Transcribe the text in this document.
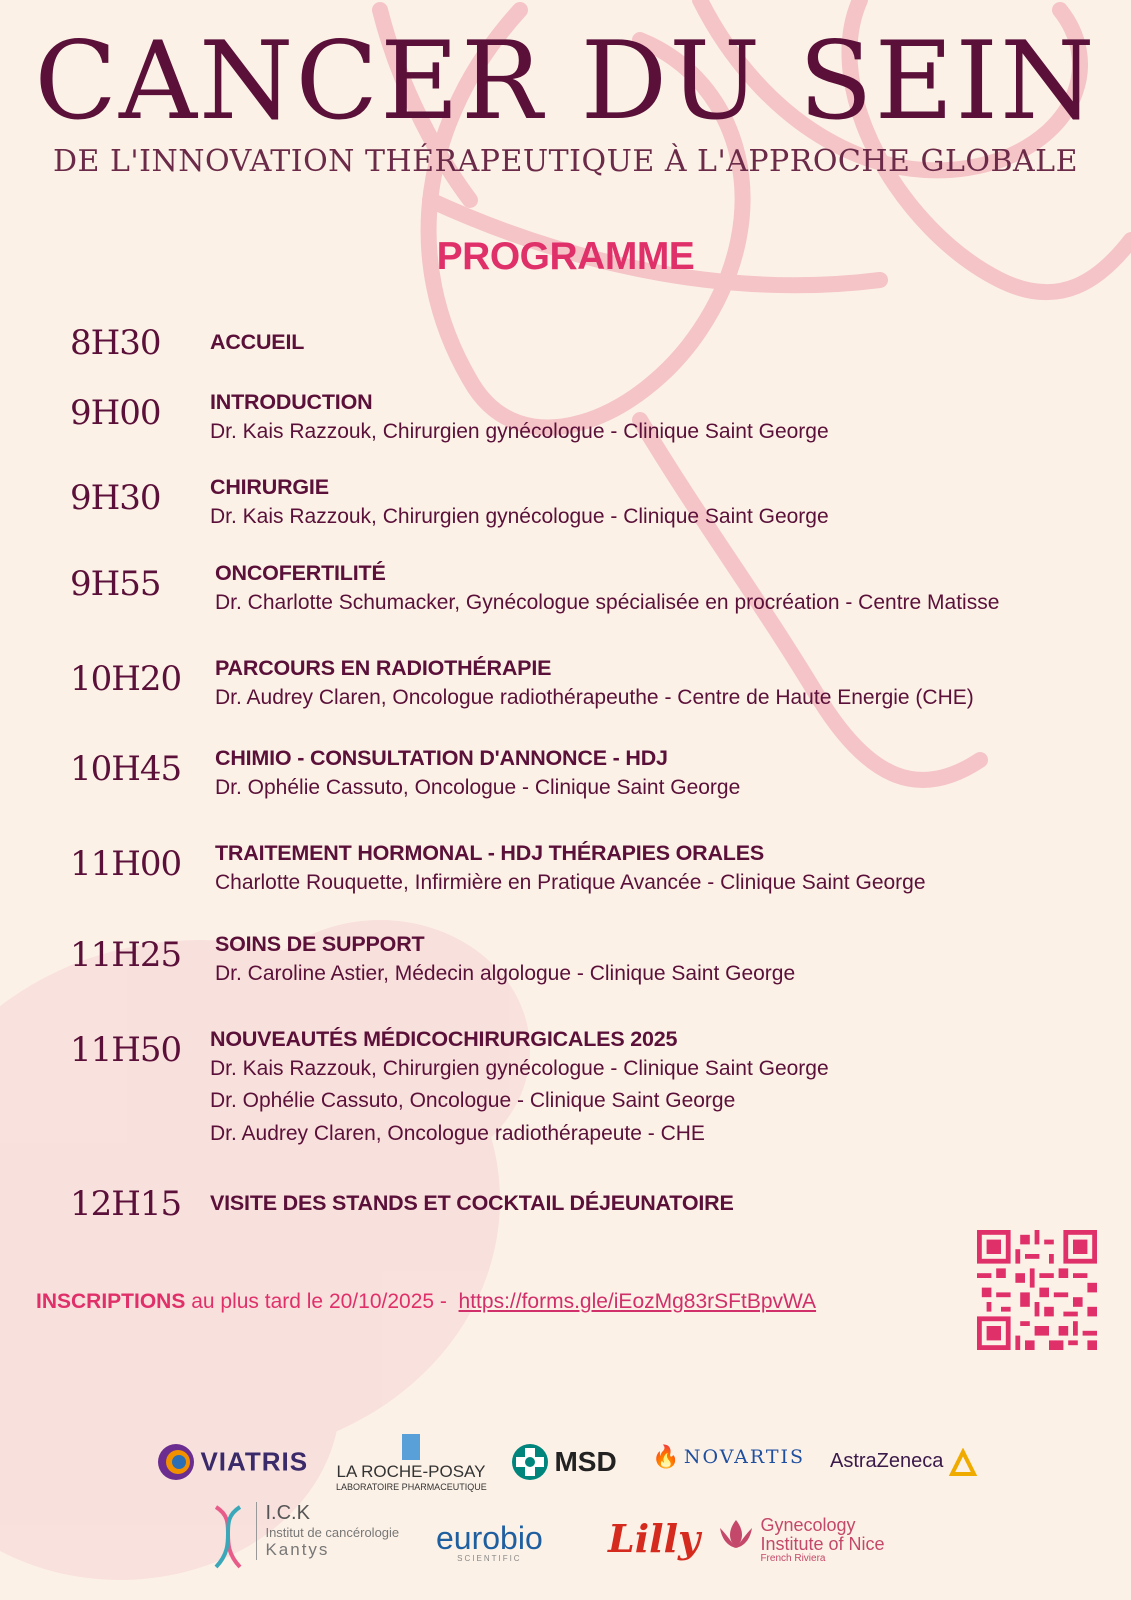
CANCER DU SEIN
DE L'INNOVATION THÉRAPEUTIQUE À L'APPROCHE GLOBALE
PROGRAMME
8H30	ACCUEIL
9H00	INTRODUCTION
Dr. Kais Razzouk, Chirurgien gynécologue - Clinique Saint George
9H30	CHIRURGIE
Dr. Kais Razzouk, Chirurgien gynécologue - Clinique Saint George
9H55	ONCOFERTILITÉ
Dr. Charlotte Schumacker, Gynécologue spécialisée en procréation - Centre Matisse
10H20	PARCOURS EN RADIOTHÉRAPIE
Dr. Audrey Claren, Oncologue radiothérapeuthe - Centre de Haute Energie (CHE)
10H45	CHIMIO - CONSULTATION D'ANNONCE - HDJ
Dr. Ophélie Cassuto, Oncologue - Clinique Saint George
11H00	TRAITEMENT HORMONAL - HDJ THÉRAPIES ORALES
Charlotte Rouquette, Infirmière en Pratique Avancée - Clinique Saint George
11H25	SOINS DE SUPPORT
Dr. Caroline Astier, Médecin algologue - Clinique Saint George
11H50	NOUVEAUTÉS MÉDICOCHIRURGICALES 2025
Dr. Kais Razzouk, Chirurgien gynécologue - Clinique Saint George
Dr. Ophélie Cassuto, Oncologue - Clinique Saint George
Dr. Audrey Claren, Oncologue radiothérapeute - CHE
12H15	VISITE DES STANDS ET COCKTAIL DÉJEUNATOIRE
INSCRIPTIONS au plus tard le 20/10/2025 -  https://forms.gle/iEozMg83rSFtBpvWA
VIATRIS LA ROCHE-POSAY
LABORATOIRE PHARMACEUTIQUE
MSD 🔥 NOVARTIS AstraZeneca

I.C.K
Institut de cancérologie
Kantys	eurobio
SCIENTIFIC	Lilly
	Gynecology
Institute of Nice
French Riviera
